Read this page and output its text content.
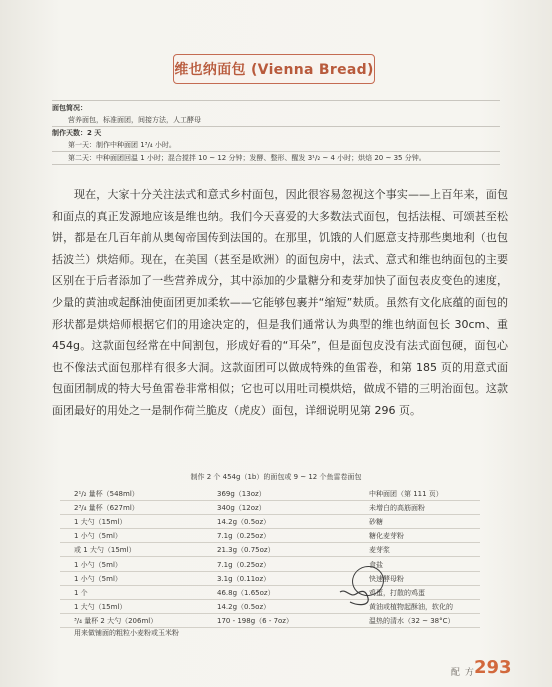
维也纳面包 (Vienna Bread)
面包简况：
营养面包，标准面团，间接方法，人工酵母
制作天数：2 天
第一天：制作中种面团 1³/₄ 小时。
第二天：中种面团回温 1 小时；混合搅拌 10 ~ 12 分钟；发酵、整形、醒发 3¹/₂ ~ 4 小时；烘焙 20 ~ 35 分钟。

现在，大家十分关注法式和意式乡村面包，因此很容易忽视这个事实——上百年来，面包和面点的真正发源地应该是维也纳。我们今天喜爱的大多数法式面包，包括法棍、可颂甚至松饼，都是在几百年前从奥匈帝国传到法国的。在那里，饥饿的人们愿意支持那些奥地利（也包括波兰）烘焙师。现在，在美国（甚至是欧洲）的面包房中，法式、意式和维也纳面包的主要区别在于后者添加了一些营养成分，其中添加的少量糖分和麦芽加快了面包表皮变色的速度，少量的黄油或起酥油使面团更加柔软——它能够包裹并“缩短”麸质。虽然有文化底蕴的面包的形状都是烘焙师根据它们的用途决定的，但是我们通常认为典型的维也纳面包长 30cm、重 454g。这款面包经常在中间割包，形成好看的“耳朵”，但是面包皮没有法式面包硬，面包心也不像法式面包那样有很多大洞。这款面团可以做成特殊的鱼雷卷，和第 185 页的用意式面包面团制成的特大号鱼雷卷非常相似；它也可以用吐司模烘焙，做成不错的三明治面包。这款面团最好的用处之一是制作荷兰脆皮（虎皮）面包，详细说明见第 296 页。

制作 2 个 454g（1b）的面包或 9 ~ 12 个鱼雷卷面包
2¹/₂ 量杯（548ml）	369g（13oz）	中种面团（第 111 页）
2³/₄ 量杯（627ml）	340g（12oz）	未增白的高筋面粉
1 大勺（15ml）	14.2g（0.5oz）	砂糖
1 小勺（5ml）	7.1g（0.25oz）	糖化麦芽粉
或 1 大勺（15ml）	21.3g（0.75oz）	麦芽浆
1 小勺（5ml）	7.1g（0.25oz）	食盐
1 小勺（5ml）	3.1g（0.11oz）	快速酵母粉
1 个	46.8g（1.65oz）	鸡蛋，打散的鸡蛋
1 大勺（15ml）	14.2g（0.5oz）	黄油或植物起酥油，软化的
³/₄ 量杯 2 大勺（206ml）	170 - 198g（6 - 7oz）	温热的清水（32 ~ 38°C）
用来做铺面的粗粒小麦粉或玉米粉
配 方 293
